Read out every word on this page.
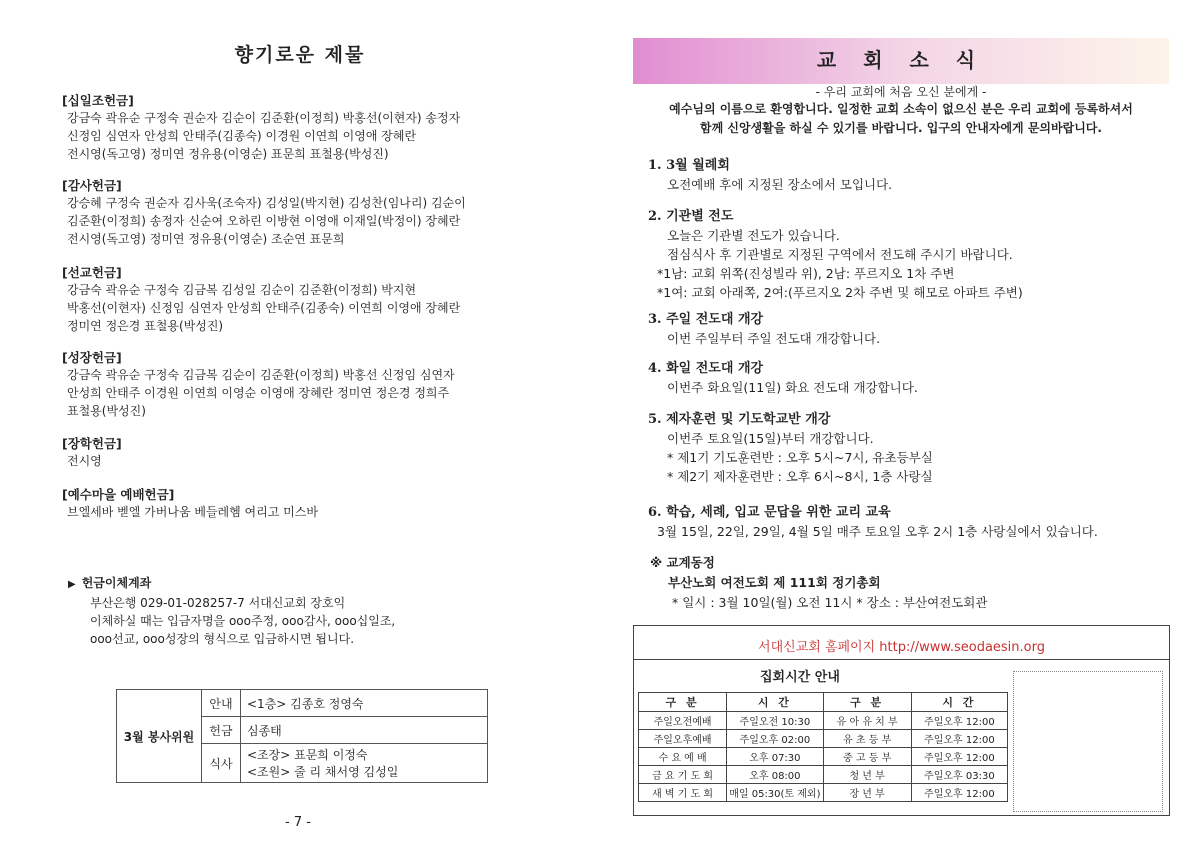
향기로운 제물
[십일조헌금]
강금숙 곽유순 구정숙 권순자 김순이 김준환(이정희) 박홍선(이현자) 송정자
신정임 심연자 안성희 안태주(김종숙) 이경원 이연희 이영애 장혜란
전시영(독고영) 정미연 정유용(이영순) 표문희 표철용(박성진)
[감사헌금]
강승혜 구정숙 권순자 김사욱(조숙자) 김성일(박지현) 김성찬(임나리) 김순이
김준환(이정희) 송정자 신순여 오하린 이방현 이영애 이재일(박정이) 장혜란
전시영(독고영) 정미연 정유용(이영순) 조순연 표문희
[선교헌금]
강금숙 곽유순 구정숙 김금복 김성일 김순이 김준환(이정희) 박지현
박홍선(이현자) 신정임 심연자 안성희 안태주(김종숙) 이연희 이영애 장혜란
정미연 정은경 표철용(박성진)
[성장헌금]
강금숙 곽유순 구정숙 김금복 김순이 김준환(이정희) 박홍선 신정임 심연자
안성희 안태주 이경원 이연희 이영순 이영애 장혜란 정미연 정은경 정희주
표철용(박성진)
[장학헌금]
전시영
[예수마을 예배헌금]
브엘세바 벧엘 가버나움 베들레헴 여리고 미스바
▶ 헌금이체계좌
부산은행 029-01-028257-7 서대신교회 장호익
이체하실 때는 입금자명을 ooo주정, ooo감사, ooo십일조,
ooo선교, ooo성장의 형식으로 입금하시면 됩니다.
3월 봉사위원	안내	<1층> 김종호 정영숙
	헌금	심종태
	식사	<조장> 표문희 이정숙
<조원> 줄 리 채서영 김성일
- 7 -
교 회 소 식
- 우리 교회에 처음 오신 분에게 -
예수님의 이름으로 환영합니다. 일정한 교회 소속이 없으신 분은 우리 교회에 등록하셔서
함께 신앙생활을 하실 수 있기를 바랍니다. 입구의 안내자에게 문의바랍니다.
1. 3월 월례회
오전예배 후에 지정된 장소에서 모입니다.
2. 기관별 전도
오늘은 기관별 전도가 있습니다.
점심식사 후 기관별로 지정된 구역에서 전도해 주시기 바랍니다.
*1남: 교회 위쪽(진성빌라 위), 2남: 푸르지오 1차 주변
*1여: 교회 아래쪽, 2여:(푸르지오 2차 주변 및 해모로 아파트 주변)
3. 주일 전도대 개강
이번 주일부터 주일 전도대 개강합니다.
4. 화일 전도대 개강
이번주 화요일(11일) 화요 전도대 개강합니다.
5. 제자훈련 및 기도학교반 개강
이번주 토요일(15일)부터 개강합니다.
* 제1기 기도훈련반 : 오후 5시~7시, 유초등부실
* 제2기 제자훈련반 : 오후 6시~8시, 1층 사랑실
6. 학습, 세례, 입교 문답을 위한 교리 교육
3월 15일, 22일, 29일, 4월 5일 매주 토요일 오후 2시 1층 사랑실에서 있습니다.
※ 교계동정
부산노회 여전도회 제 111회 정기총회
* 일시 : 3월 10일(월) 오전 11시 * 장소 : 부산여전도회관
서대신교회 홈페이지 http://www.seodaesin.org
집회시간 안내
구 분	시 간	구 분	시 간
주일오전예배	주일오전 10:30	유 아 유 치 부	주일오후 12:00
주일오후예배	주일오후 02:00	유 초 등 부	주일오후 12:00
수 요 예 배	오후 07:30	중 고 등 부	주일오후 12:00
금 요 기 도 회	오후 08:00	청 년 부	주일오후 03:30
새 벽 기 도 회	매일 05:30(토 제외)	장 년 부	주일오후 12:00
